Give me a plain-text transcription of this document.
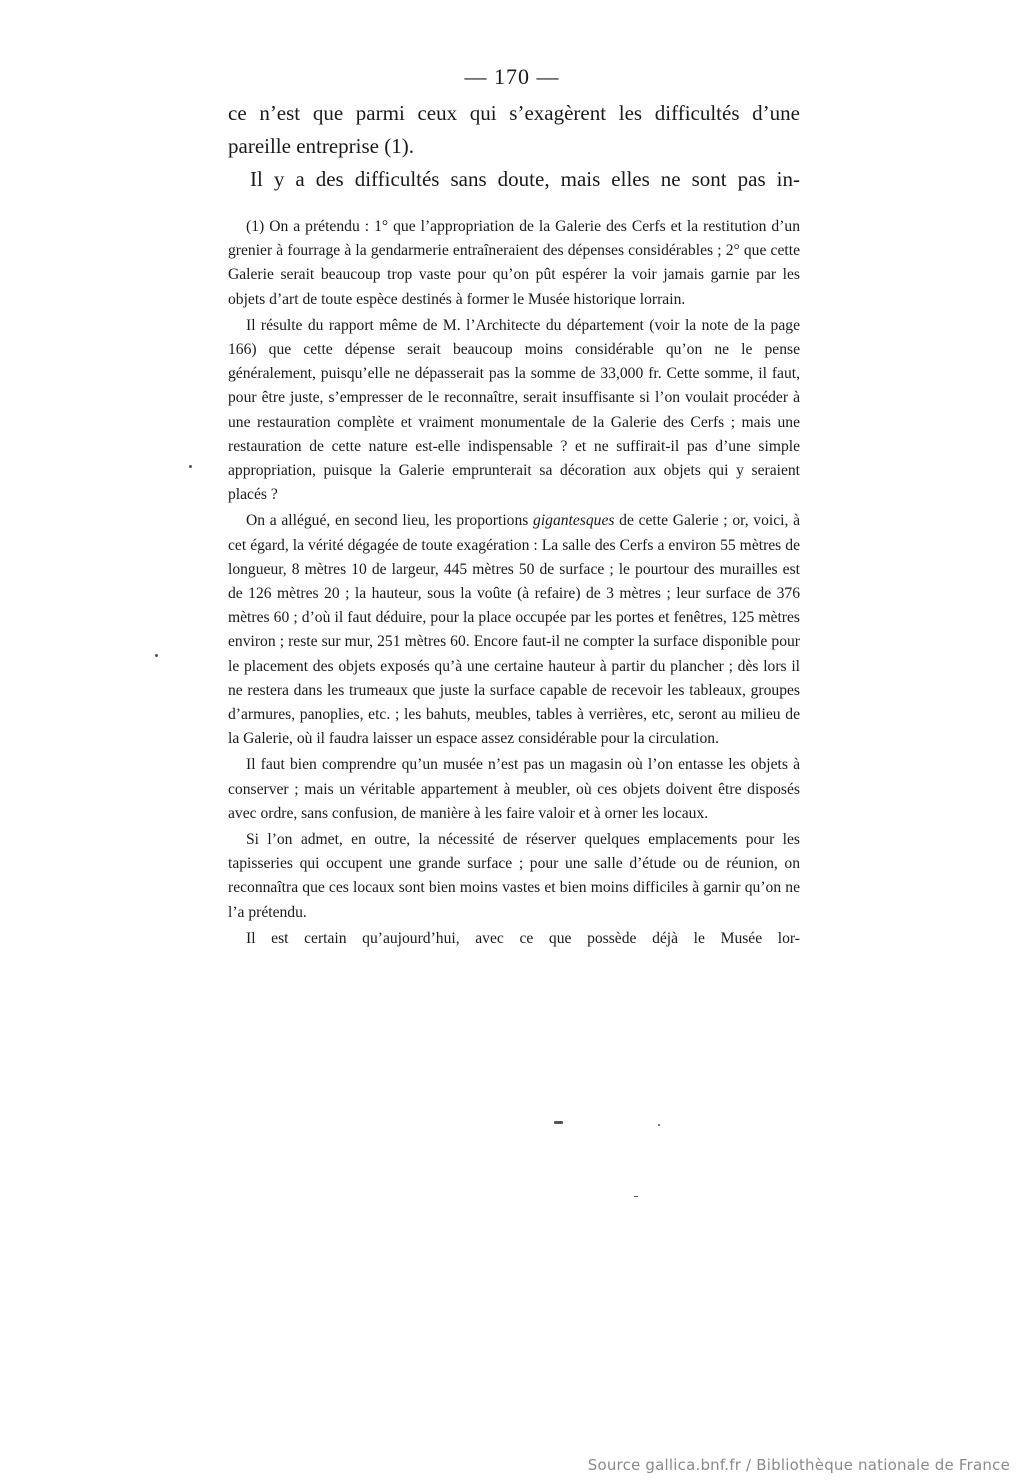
— 170 —

ce n’est que parmi ceux qui s’exagèrent les difficultés d’une pareille entreprise (1).

Il y a des difficultés sans doute, mais elles ne sont pas in-

(1) On a prétendu : 1° que l’appropriation de la Galerie des Cerfs et la restitution d’un grenier à fourrage à la gendarmerie entraîneraient des dépenses considérables ; 2° que cette Galerie serait beaucoup trop vaste pour qu’on pût espérer la voir jamais garnie par les objets d’art de toute espèce destinés à former le Musée historique lorrain.

Il résulte du rapport même de M. l’Architecte du département (voir la note de la page 166) que cette dépense serait beaucoup moins considérable qu’on ne le pense généralement, puisqu’elle ne dépasserait pas la somme de 33,000 fr. Cette somme, il faut, pour être juste, s’empresser de le reconnaître, serait insuffisante si l’on voulait procéder à une restauration complète et vraiment monumentale de la Galerie des Cerfs ; mais une restauration de cette nature est-elle indispensable ? et ne suffirait-il pas d’une simple appropriation, puisque la Galerie emprunterait sa décoration aux objets qui y seraient placés ?

On a allégué, en second lieu, les proportions gigantesques de cette Galerie ; or, voici, à cet égard, la vérité dégagée de toute exagération : La salle des Cerfs a environ 55 mètres de longueur, 8 mètres 10 de largeur, 445 mètres 50 de surface ; le pourtour des murailles est de 126 mètres 20 ; la hauteur, sous la voûte (à refaire) de 3 mètres ; leur surface de 376 mètres 60 ; d’où il faut déduire, pour la place occupée par les portes et fenêtres, 125 mètres environ ; reste sur mur, 251 mètres 60. Encore faut-il ne compter la surface disponible pour le placement des objets exposés qu’à une certaine hauteur à partir du plancher ; dès lors il ne restera dans les trumeaux que juste la surface capable de recevoir les tableaux, groupes d’armures, panoplies, etc. ; les bahuts, meubles, tables à verrières, etc, seront au milieu de la Galerie, où il faudra laisser un espace assez considérable pour la circulation.

Il faut bien comprendre qu’un musée n’est pas un magasin où l’on entasse les objets à conserver ; mais un véritable appartement à meubler, où ces objets doivent être disposés avec ordre, sans confusion, de manière à les faire valoir et à orner les locaux.

Si l’on admet, en outre, la nécessité de réserver quelques emplacements pour les tapisseries qui occupent une grande surface ; pour une salle d’étude ou de réunion, on reconnaîtra que ces locaux sont bien moins vastes et bien moins difficiles à garnir qu’on ne l’a prétendu.

Il est certain qu’aujourd’hui, avec ce que possède déjà le Musée lor-

Source gallica.bnf.fr / Bibliothèque nationale de France
